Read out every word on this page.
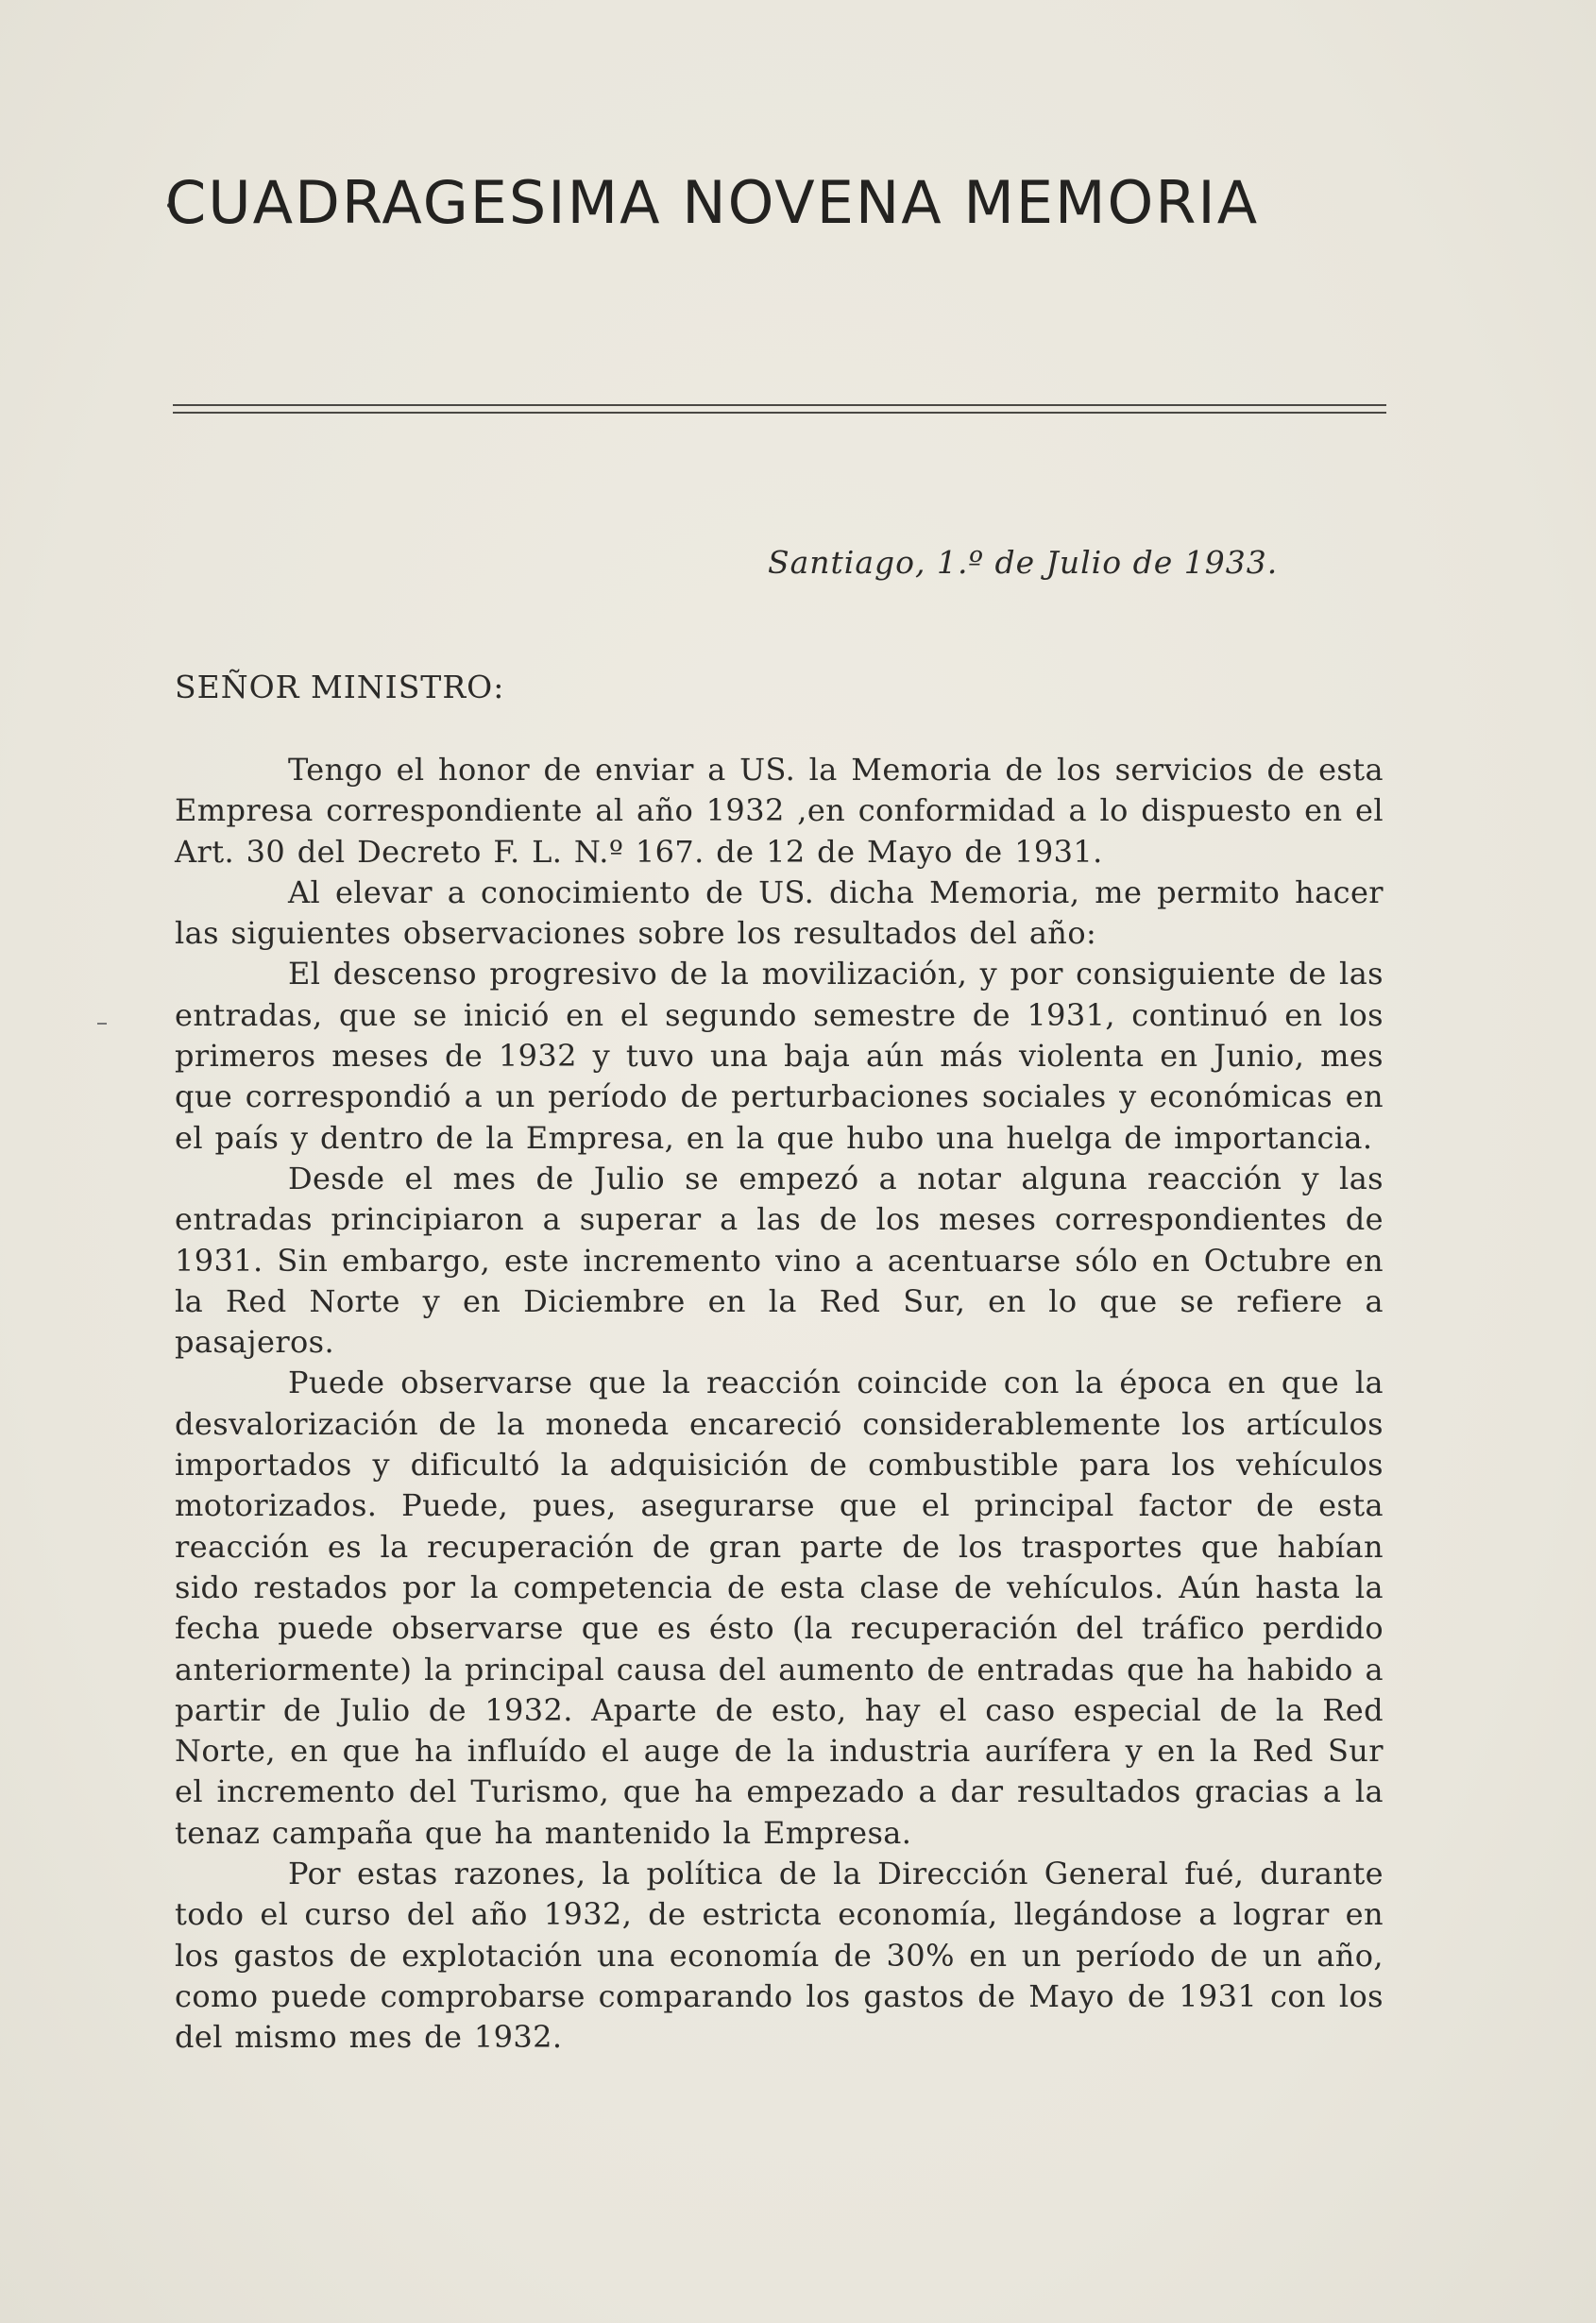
CUADRAGESIMA NOVENA MEMORIA
Santiago, 1.º de Julio de 1933.
SEÑOR MINISTRO:

Tengo el honor de enviar a US. la Memoria de los servicios de esta Empresa correspondiente al año 1932 ,en conformidad a lo dispuesto en el Art. 30 del Decreto F. L. N.º 167. de 12 de Mayo de 1931.

Al elevar a conocimiento de US. dicha Memoria, me permito hacer las siguientes observaciones sobre los resultados del año:

El descenso progresivo de la movilización, y por consiguiente de las entradas, que se inició en el segundo semestre de 1931, continuó en los primeros meses de 1932 y tuvo una baja aún más violenta en Junio, mes que correspondió a un período de perturbaciones sociales y económicas en el país y dentro de la Empresa, en la que hubo una huelga de importancia.

Desde el mes de Julio se empezó a notar alguna reacción y las entradas principiaron a superar a las de los meses correspondientes de 1931. Sin embargo, este incremento vino a acentuarse sólo en Octubre en la Red Norte y en Diciembre en la Red Sur, en lo que se refiere a pasajeros.

Puede observarse que la reacción coincide con la época en que la desvalorización de la moneda encareció considerablemente los artículos importados y dificultó la adquisición de combustible para los vehículos motorizados. Puede, pues, asegurarse que el principal factor de esta reacción es la recuperación de gran parte de los trasportes que habían sido restados por la competencia de esta clase de vehículos. Aún hasta la fecha puede observarse que es ésto (la recuperación del tráfico perdido anteriormente) la principal causa del aumento de entradas que ha habido a partir de Julio de 1932. Aparte de esto, hay el caso especial de la Red Norte, en que ha influído el auge de la industria aurífera y en la Red Sur el incremento del Turismo, que ha empezado a dar resultados gracias a la tenaz campaña que ha mantenido la Empresa.

Por estas razones, la política de la Dirección General fué, durante todo el curso del año 1932, de estricta economía, llegándose a lograr en los gastos de explotación una economía de 30% en un período de un año, como puede comprobarse comparando los gastos de Mayo de 1931 con los del mismo mes de 1932.
